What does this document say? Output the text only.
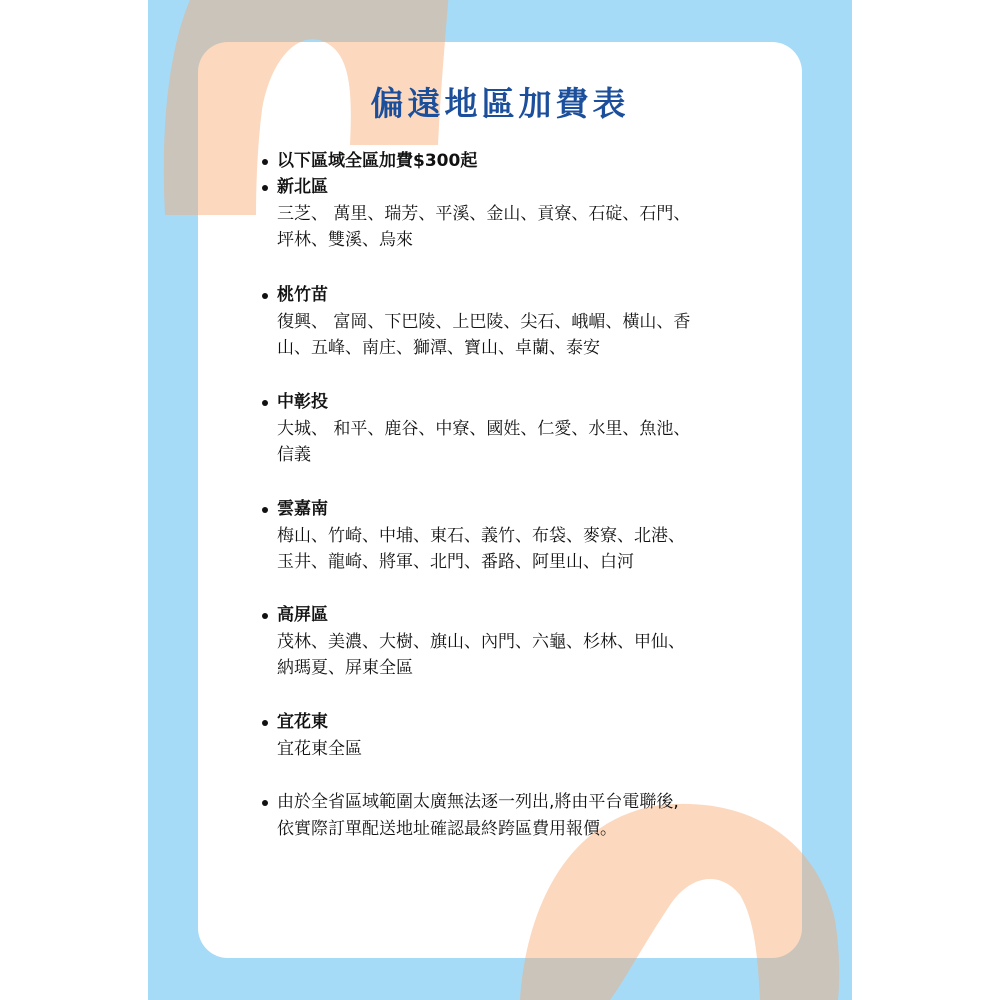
偏遠地區加費表
以下區域全區加費$300起
新北區
三芝、 萬里、瑞芳、平溪、金山、貢寮、石碇、石門、
坪林、雙溪、烏來
桃竹苗
復興、 富岡、下巴陵、上巴陵、尖石、峨嵋、橫山、香
山、五峰、南庄、獅潭、寶山、卓蘭、泰安
中彰投
大城、 和平、鹿谷、中寮、國姓、仁愛、水里、魚池、
信義
雲嘉南
梅山、竹崎、中埔、東石、義竹、布袋、麥寮、北港、
玉井、龍崎、將軍、北門、番路、阿里山、白河
高屏區
茂林、美濃、大樹、旗山、內門、六龜、杉林、甲仙、
納瑪夏、屏東全區
宜花東
宜花東全區
由於全省區域範圍太廣無法逐一列出,將由平台電聯後,
依實際訂單配送地址確認最終跨區費用報價。
